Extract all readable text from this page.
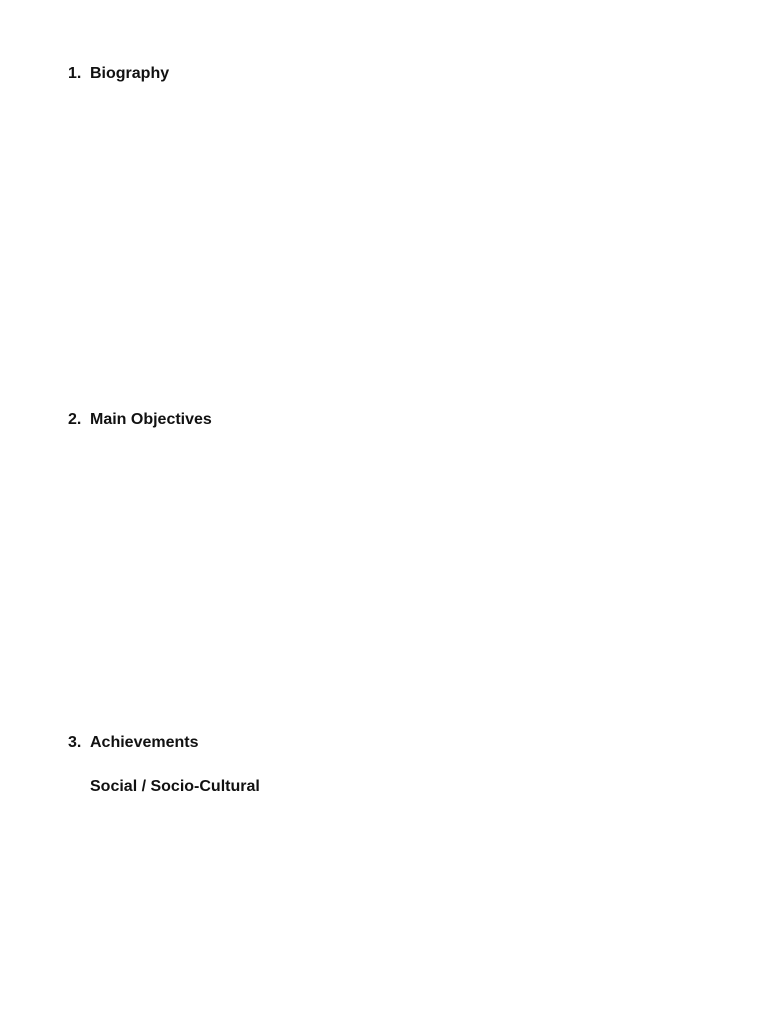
1. Biography
2. Main Objectives
3. Achievements
Social / Socio-Cultural
